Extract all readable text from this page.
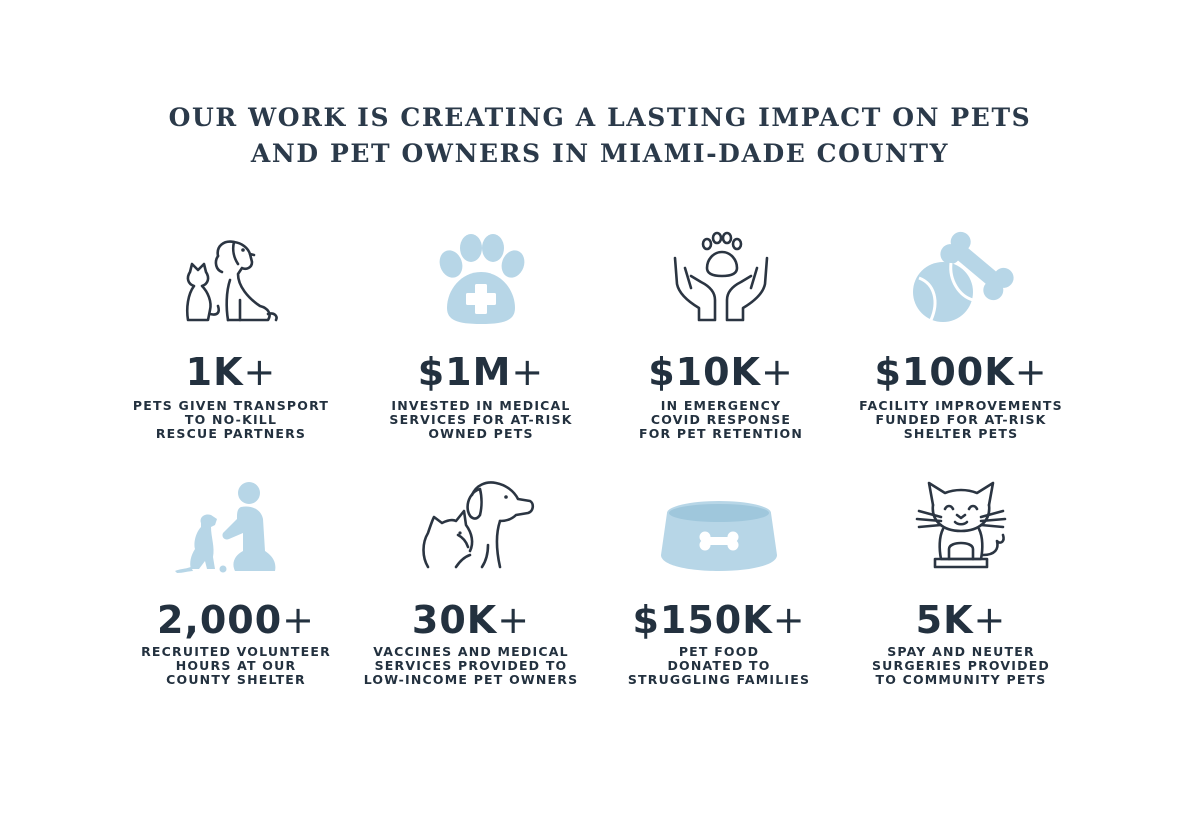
OUR WORK IS CREATING A LASTING IMPACT ON PETS
AND PET OWNERS IN MIAMI-DADE COUNTY
1K+
PETS GIVEN TRANSPORT
TO NO-KILL
RESCUE PARTNERS
$1M+
INVESTED IN MEDICAL
SERVICES FOR AT-RISK
OWNED PETS
$10K+
IN EMERGENCY
COVID RESPONSE
FOR PET RETENTION
$100K+
FACILITY IMPROVEMENTS
FUNDED FOR AT-RISK
SHELTER PETS
2,000+
RECRUITED VOLUNTEER
HOURS AT OUR
COUNTY SHELTER
30K+
VACCINES AND MEDICAL
SERVICES PROVIDED TO
LOW-INCOME PET OWNERS
$150K+
PET FOOD
DONATED TO
STRUGGLING FAMILIES
5K+
SPAY AND NEUTER
SURGERIES PROVIDED
TO COMMUNITY PETS
